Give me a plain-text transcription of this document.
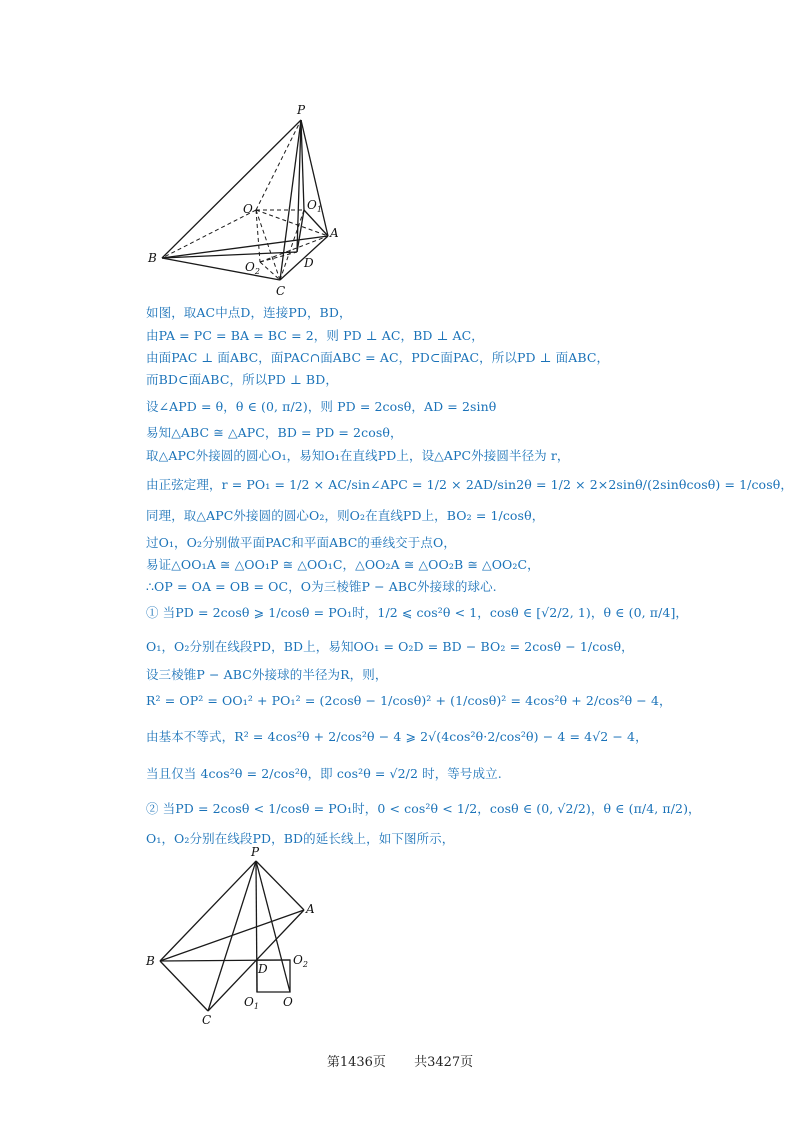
P
O	$O_1$
A
B
$O_2$
D
C

如图，取AC中点D，连接PD，BD，

由PA = PC = BA = BC = 2，则 PD ⊥ AC，BD ⊥ AC，

由面PAC ⊥ 面ABC，面PAC∩面ABC = AC，PD⊂面PAC，所以PD ⊥ 面ABC，

而BD⊂面ABC，所以PD ⊥ BD，

设∠APD = θ，θ ∈ (0, π/2)，则 PD = 2cosθ，AD = 2sinθ

易知△ABC ≅ △APC，BD = PD = 2cosθ，

取△APC外接圆的圆心O₁，易知O₁在直线PD上，设△APC外接圆半径为 r，

由正弦定理，r = PO₁ = 1/2 × AC/sin∠APC = 1/2 × 2AD/sin2θ = 1/2 × 2×2sinθ/(2sinθcosθ) = 1/cosθ，

同理，取△APC外接圆的圆心O₂，则O₂在直线PD上，BO₂ = 1/cosθ，

过O₁，O₂分别做平面PAC和平面ABC的垂线交于点O，

易证△OO₁A ≅ △OO₁P ≅ △OO₁C，△OO₂A ≅ △OO₂B ≅ △OO₂C，

∴OP = OA = OB = OC，O为三棱锥P − ABC外接球的球心.

① 当PD = 2cosθ ⩾ 1/cosθ = PO₁时，1/2 ⩽ cos²θ < 1，cosθ ∈ [√2/2, 1)，θ ∈ (0, π/4]，

O₁，O₂分别在线段PD，BD上，易知OO₁ = O₂D = BD − BO₂ = 2cosθ − 1/cosθ，

设三棱锥P − ABC外接球的半径为R，则，

R² = OP² = OO₁² + PO₁² = (2cosθ − 1/cosθ)² + (1/cosθ)² = 4cos²θ + 2/cos²θ − 4，

由基本不等式，R² = 4cos²θ + 2/cos²θ − 4 ⩾ 2√(4cos²θ·2/cos²θ) − 4 = 4√2 − 4，

当且仅当 4cos²θ = 2/cos²θ，即 cos²θ = √2/2 时，等号成立.

② 当PD = 2cosθ < 1/cosθ = PO₁时，0 < cos²θ < 1/2，cosθ ∈ (0, √2/2)，θ ∈ (π/4, π/2)，

O₁，O₂分别在线段PD，BD的延长线上，如下图所示，

P
A
B
D
$O_2$
$O_1$ O
C
第1436页 共3427页
